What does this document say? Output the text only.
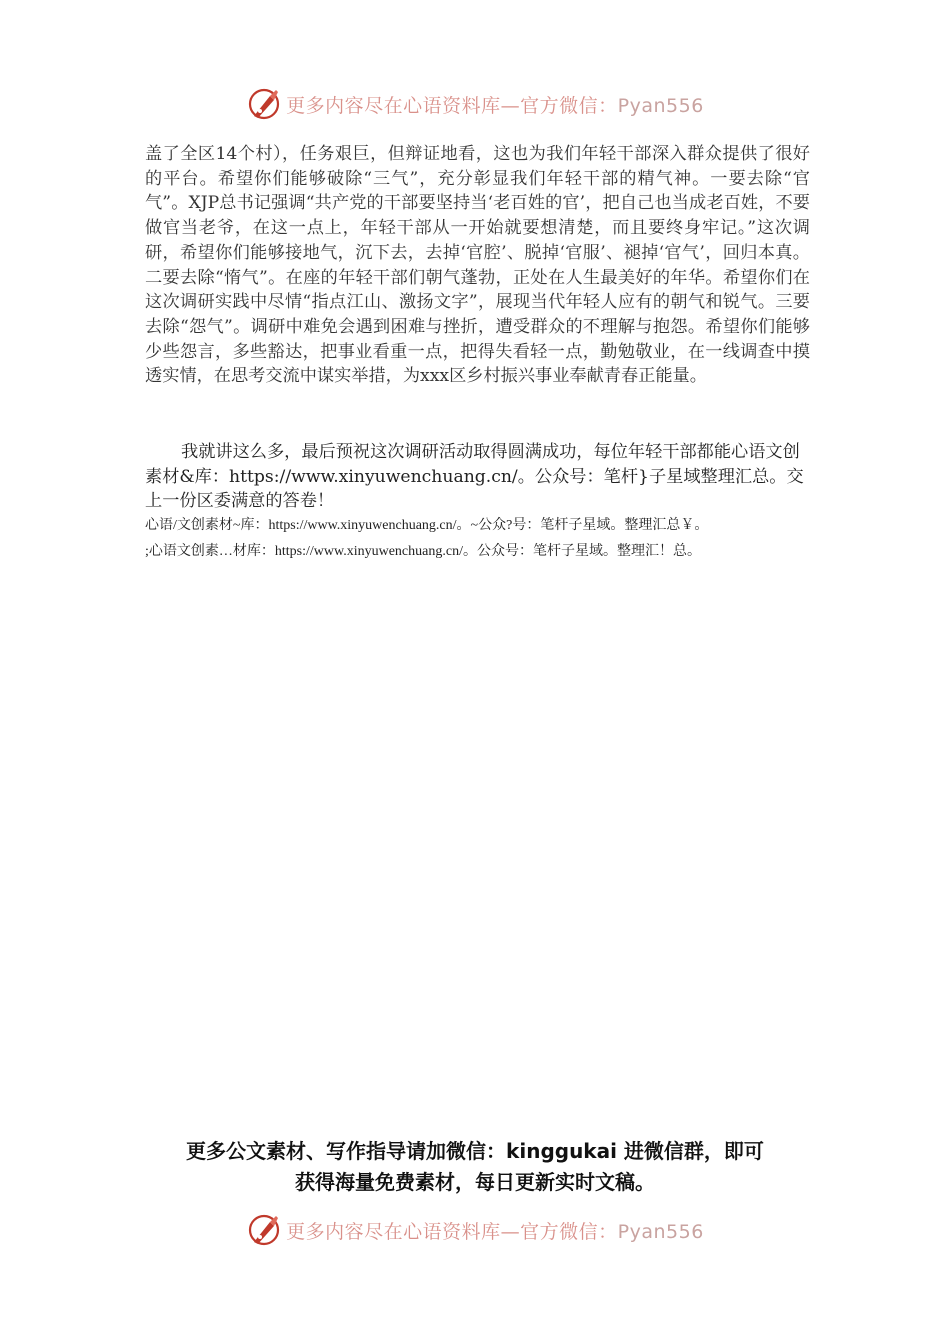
更多内容尽在心语资料库—官方微信：Pyan556

盖了全区14个村），任务艰巨，但辩证地看，这也为我们年轻干部深入群众提供了很好的平台。希望你们能够破除“三气”，充分彰显我们年轻干部的精气神。一要去除“官气”。XJP总书记强调“共产党的干部要坚持当‘老百姓的官’，把自己也当成老百姓，不要做官当老爷，在这一点上，年轻干部从一开始就要想清楚，而且要终身牢记。”这次调研，希望你们能够接地气，沉下去，去掉‘官腔’、脱掉‘官服’、褪掉‘官气’，回归本真。二要去除“惰气”。在座的年轻干部们朝气蓬勃，正处在人生最美好的年华。希望你们在这次调研实践中尽情“指点江山、激扬文字”，展现当代年轻人应有的朝气和锐气。三要去除“怨气”。调研中难免会遇到困难与挫折，遭受群众的不理解与抱怨。希望你们能够少些怨言，多些豁达，把事业看重一点，把得失看轻一点，勤勉敬业，在一线调查中摸透实情，在思考交流中谋实举措，为xxx区乡村振兴事业奉献青春正能量。

我就讲这么多，最后预祝这次调研活动取得圆满成功，每位年轻干部都能心语文创素材&库：https://www.xinyuwenchuang.cn/。公众号：笔杆}子星域整理汇总。交上一份区委满意的答卷！

心语/文创素材~库：https://www.xinyuwenchuang.cn/。~公众?号：笔杆子星域。整理汇总￥。

;心语文创素…材库：https://www.xinyuwenchuang.cn/。公众号：笔杆子星域。整理汇！总。

更多公文素材、写作指导请加微信：kinggukai 进微信群，即可
获得海量免费素材，每日更新实时文稿。
更多内容尽在心语资料库—官方微信：Pyan556
